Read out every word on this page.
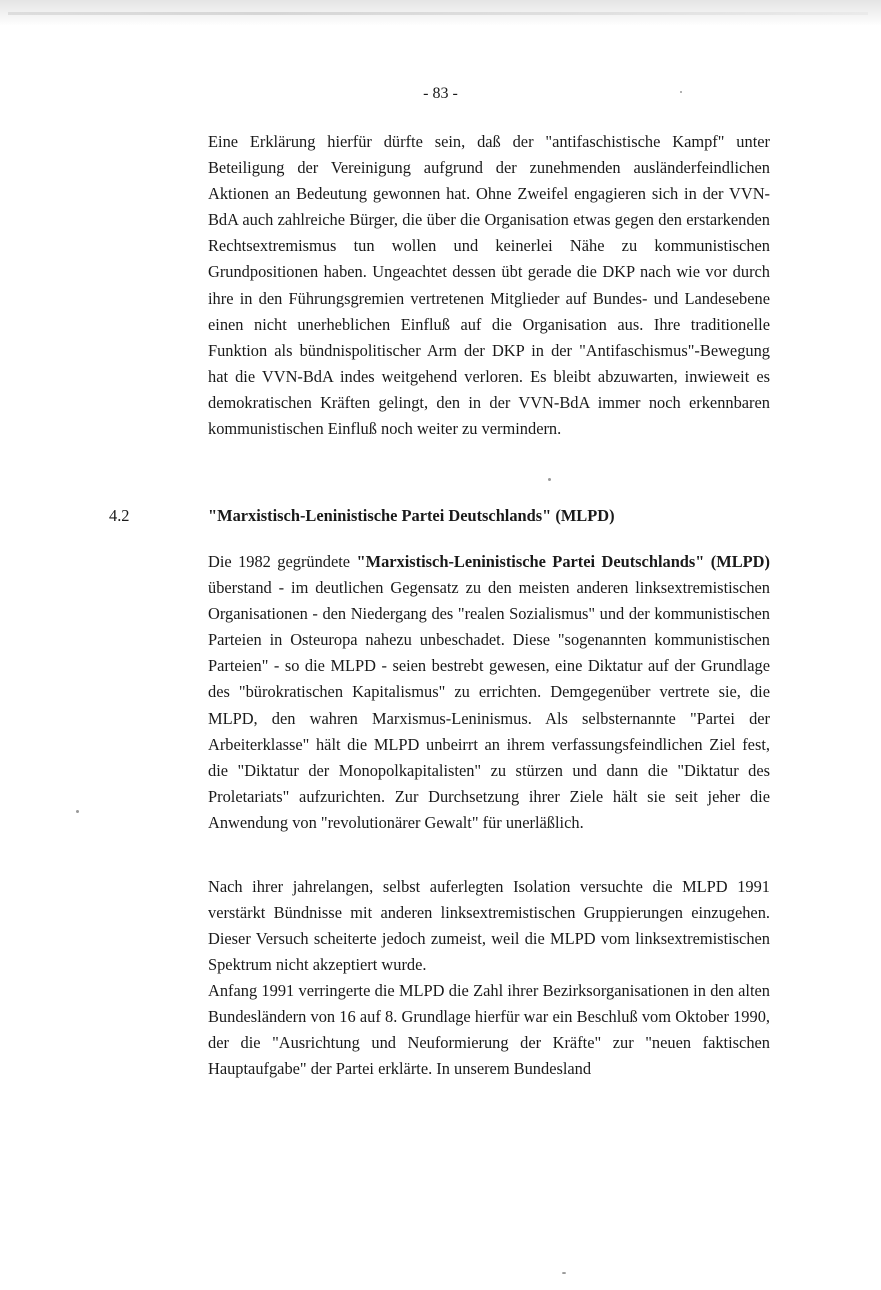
- 83 -

Eine Erklärung hierfür dürfte sein, daß der "antifaschistische Kampf" unter Beteiligung der Vereinigung aufgrund der zunehmenden ausländerfeindlichen Aktionen an Bedeutung gewonnen hat. Ohne Zweifel engagieren sich in der VVN-BdA auch zahlreiche Bürger, die über die Organisation etwas gegen den erstarkenden Rechtsextremismus tun wollen und keinerlei Nähe zu kommunistischen Grundpositionen haben. Ungeachtet dessen übt gerade die DKP nach wie vor durch ihre in den Führungsgremien vertretenen Mitglieder auf Bundes- und Landesebene einen nicht unerheblichen Einfluß auf die Organisation aus. Ihre traditionelle Funktion als bündnispolitischer Arm der DKP in der "Antifaschismus"-Bewegung hat die VVN-BdA indes weitgehend verloren. Es bleibt abzuwarten, inwieweit es demokratischen Kräften gelingt, den in der VVN-BdA immer noch erkennbaren kommunistischen Einfluß noch weiter zu vermindern.

4.2	"Marxistisch-Leninistische Partei Deutschlands" (MLPD)

Die 1982 gegründete "Marxistisch-Leninistische Partei Deutschlands" (MLPD) überstand - im deutlichen Gegensatz zu den meisten anderen linksextremistischen Organisationen - den Niedergang des "realen Sozialismus" und der kommunistischen Parteien in Osteuropa nahezu unbeschadet. Diese "sogenannten kommunistischen Parteien" - so die MLPD - seien bestrebt gewesen, eine Diktatur auf der Grundlage des "bürokratischen Kapitalismus" zu errichten. Demgegenüber vertrete sie, die MLPD, den wahren Marxismus-Leninismus. Als selbsternannte "Partei der Arbeiterklasse" hält die MLPD unbeirrt an ihrem verfassungsfeindlichen Ziel fest, die "Diktatur der Monopolkapitalisten" zu stürzen und dann die "Diktatur des Proletariats" aufzurichten. Zur Durchsetzung ihrer Ziele hält sie seit jeher die Anwendung von "revolutionärer Gewalt" für unerläßlich.

Nach ihrer jahrelangen, selbst auferlegten Isolation versuchte die MLPD 1991 verstärkt Bündnisse mit anderen linksextremistischen Gruppierungen einzugehen. Dieser Versuch scheiterte jedoch zumeist, weil die MLPD vom linksextremistischen Spektrum nicht akzeptiert wurde.

Anfang 1991 verringerte die MLPD die Zahl ihrer Bezirksorganisationen in den alten Bundesländern von 16 auf 8. Grundlage hierfür war ein Beschluß vom Oktober 1990, der die "Ausrichtung und Neuformierung der Kräfte" zur "neuen faktischen Hauptaufgabe" der Partei erklärte. In unserem Bundesland
